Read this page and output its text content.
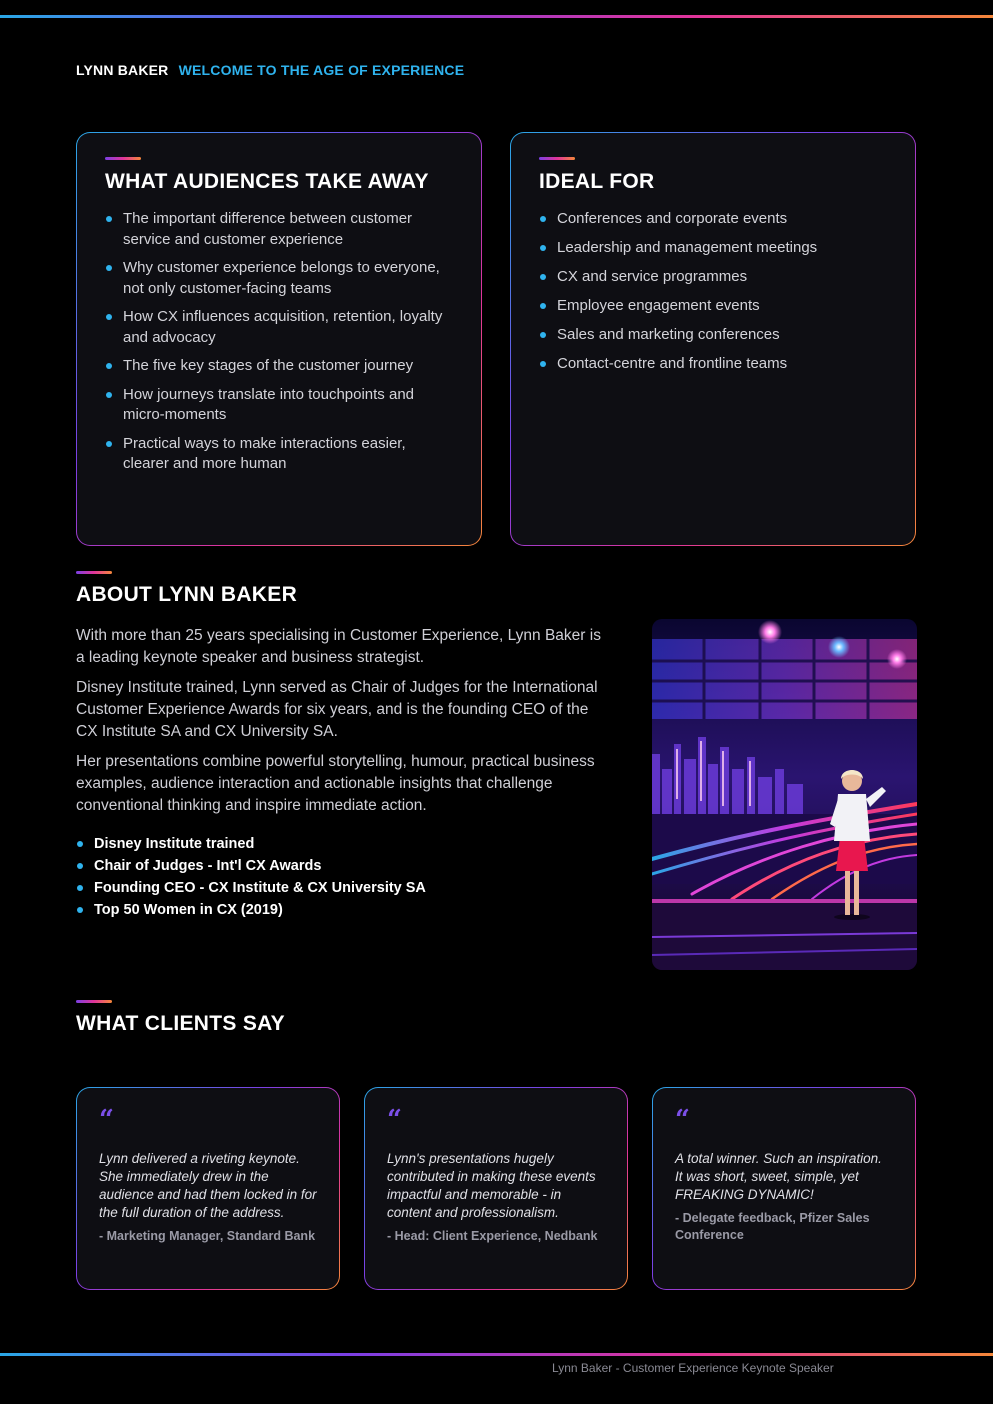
LYNN BAKER WELCOME TO THE AGE OF EXPERIENCE
WHAT AUDIENCES TAKE AWAY
The important difference between customer service and customer experience
Why customer experience belongs to everyone, not only customer-facing teams
How CX influences acquisition, retention, loyalty and advocacy
The five key stages of the customer journey
How journeys translate into touchpoints and micro-moments
Practical ways to make interactions easier, clearer and more human
IDEAL FOR
Conferences and corporate events
Leadership and management meetings
CX and service programmes
Employee engagement events
Sales and marketing conferences
Contact-centre and frontline teams
ABOUT LYNN BAKER

With more than 25 years specialising in Customer Experience, Lynn Baker is a leading keynote speaker and business strategist.

Disney Institute trained, Lynn served as Chair of Judges for the International Customer Experience Awards for six years, and is the founding CEO of the CX Institute SA and CX University SA.

Her presentations combine powerful storytelling, humour, practical business examples, audience interaction and actionable insights that challenge conventional thinking and inspire immediate action.

Disney Institute trained
Chair of Judges - Int'l CX Awards
Founding CEO - CX Institute & CX University SA
Top 50 Women in CX (2019)
WHAT CLIENTS SAY
“

Lynn delivered a riveting keynote. She immediately drew in the audience and had them locked in for the full duration of the address.

- Marketing Manager, Standard Bank
“

Lynn's presentations hugely contributed in making these events impactful and memorable - in content and professionalism.

- Head: Client Experience, Nedbank
“

A total winner. Such an inspiration. It was short, sweet, simple, yet FREAKING DYNAMIC!

- Delegate feedback, Pfizer Sales Conference
Lynn Baker - Customer Experience Keynote Speaker
